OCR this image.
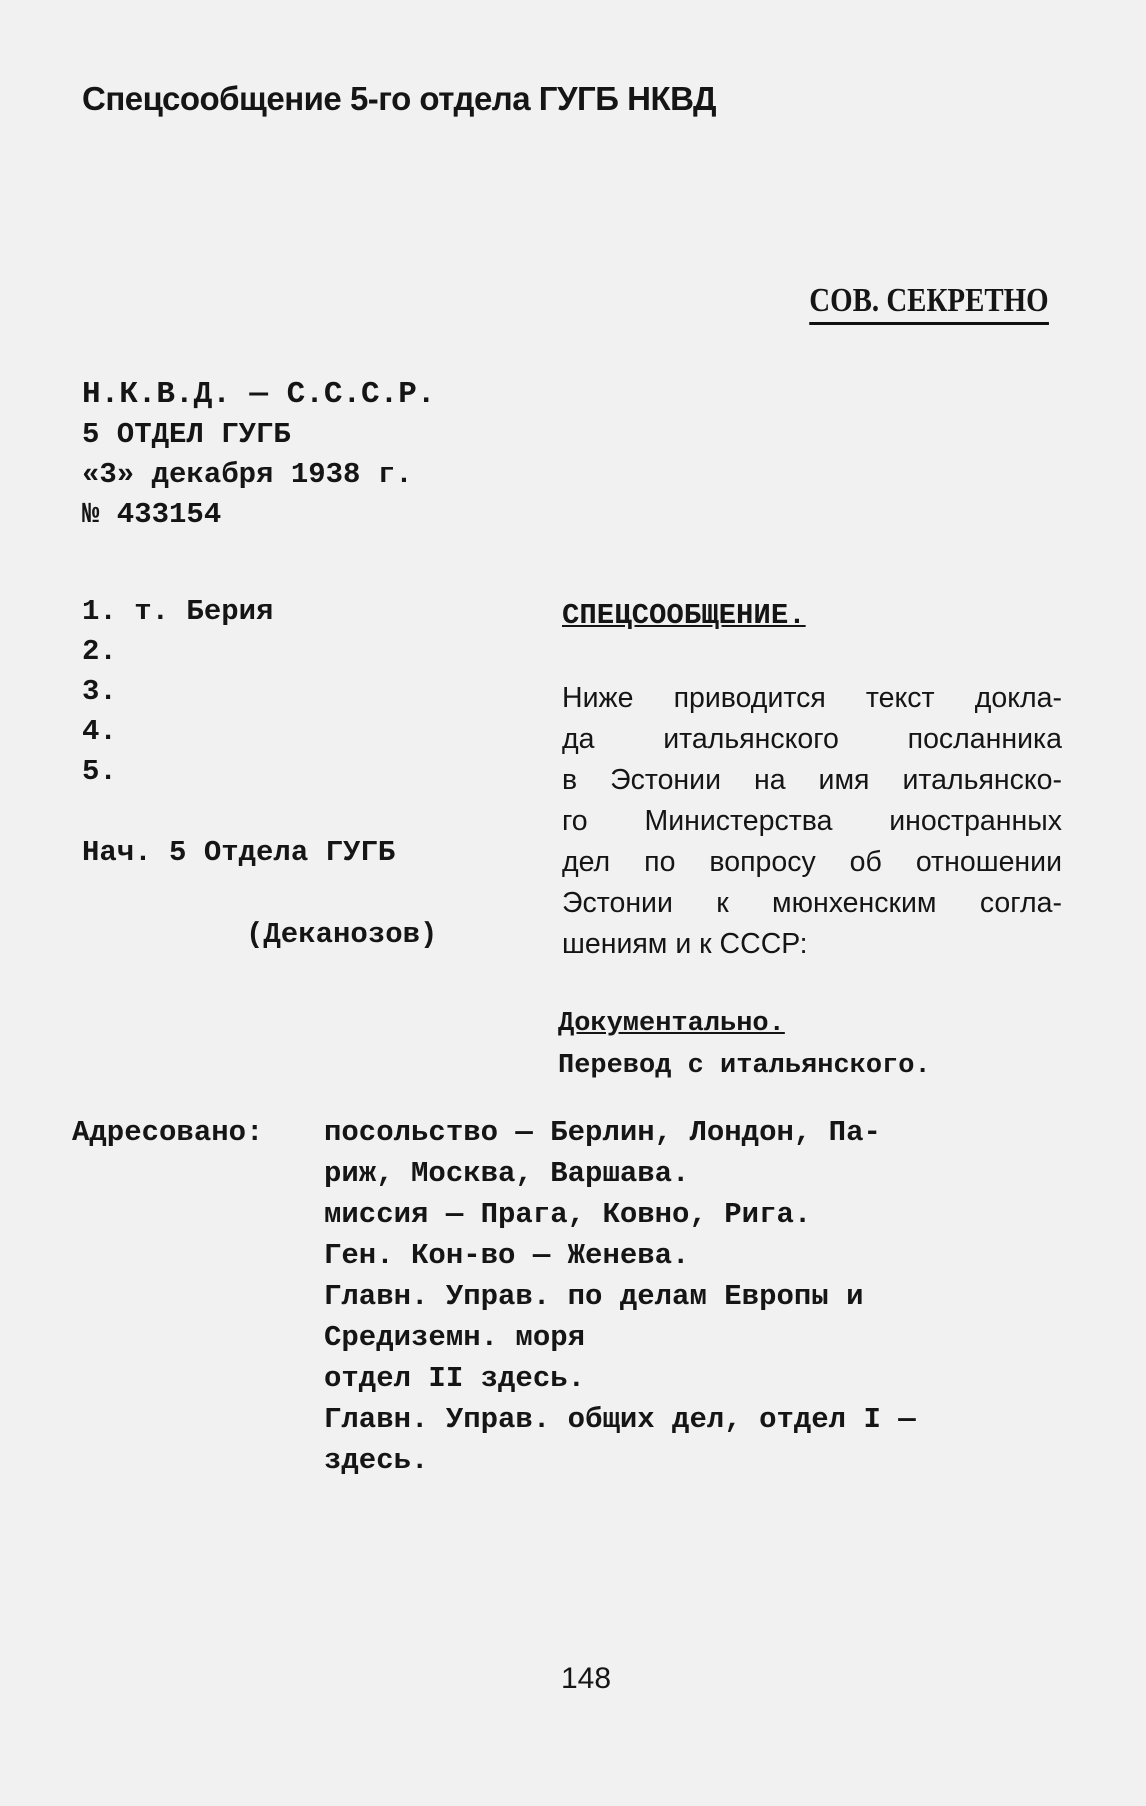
Спецсообщение 5-го отдела ГУГБ НКВД
СОВ. СЕКРЕТНО
Н.К.В.Д. — С.С.С.Р.
5 ОТДЕЛ ГУГБ
«3» декабря 1938 г.
№ 433154
1. т. Берия
2.
3.
4.
5.
Нач. 5 Отдела ГУГБ
(Деканозов)
СПЕЦСООБЩЕНИЕ.
Ниже приводится текст докла-
да итальянского посланника
в Эстонии на имя итальянско-
го Министерства иностранных
дел по вопросу об отношении
Эстонии к мюнхенским согла-
шениям и к СССР:
Документально.
Перевод с итальянского.
Адресовано: посольство — Берлин, Лондон, Па-
риж, Москва, Варшава.
миссия — Прага, Ковно, Рига.
Ген. Кон-во — Женева.
Главн. Управ. по делам Европы и
Средиземн. моря
отдел II здесь.
Главн. Управ. общих дел, отдел I —
здесь.
148
